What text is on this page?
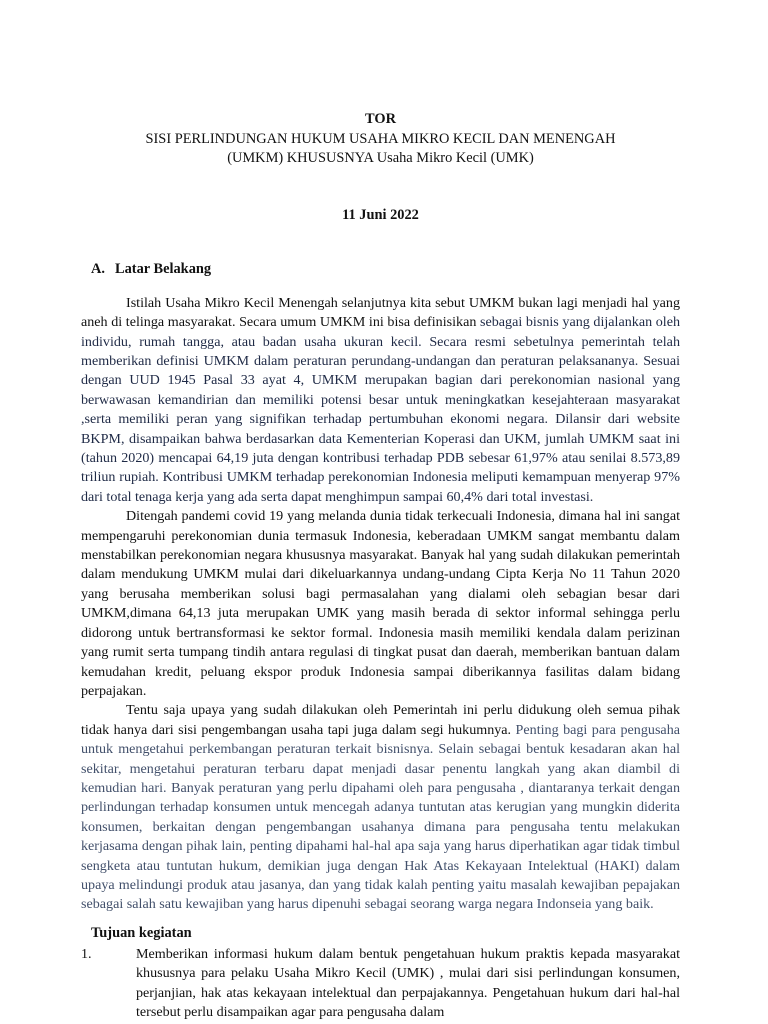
TOR
SISI PERLINDUNGAN HUKUM USAHA MIKRO KECIL DAN MENENGAH
(UMKM) KHUSUSNYA Usaha Mikro Kecil (UMK)
11 Juni 2022
A. Latar Belakang

Istilah Usaha Mikro Kecil Menengah selanjutnya kita sebut UMKM bukan lagi menjadi hal yang aneh di telinga masyarakat. Secara umum UMKM ini bisa definisikan sebagai bisnis yang dijalankan oleh individu, rumah tangga, atau badan usaha ukuran kecil. Secara resmi sebetulnya pemerintah telah memberikan definisi UMKM dalam peraturan perundang-undangan dan peraturan pelaksananya. Sesuai dengan UUD 1945 Pasal 33 ayat 4, UMKM merupakan bagian dari perekonomian nasional yang berwawasan kemandirian dan memiliki potensi besar untuk meningkatkan kesejahteraan masyarakat ,serta memiliki peran yang signifikan terhadap pertumbuhan ekonomi negara. Dilansir dari website BKPM, disampaikan bahwa berdasarkan data Kementerian Koperasi dan UKM, jumlah UMKM saat ini (tahun 2020) mencapai 64,19 juta dengan kontribusi terhadap PDB sebesar 61,97% atau senilai 8.573,89 triliun rupiah. Kontribusi UMKM terhadap perekonomian Indonesia meliputi kemampuan menyerap 97% dari total tenaga kerja yang ada serta dapat menghimpun sampai 60,4% dari total investasi.

Ditengah pandemi covid 19 yang melanda dunia tidak terkecuali Indonesia, dimana hal ini sangat mempengaruhi perekonomian dunia termasuk Indonesia, keberadaan UMKM sangat membantu dalam menstabilkan perekonomian negara khususnya masyarakat. Banyak hal yang sudah dilakukan pemerintah dalam mendukung UMKM mulai dari dikeluarkannya undang-undang Cipta Kerja No 11 Tahun 2020 yang berusaha memberikan solusi bagi permasalahan yang dialami oleh sebagian besar dari UMKM,dimana 64,13 juta merupakan UMK yang masih berada di sektor informal sehingga perlu didorong untuk bertransformasi ke sektor formal. Indonesia masih memiliki kendala dalam perizinan yang rumit serta tumpang tindih antara regulasi di tingkat pusat dan daerah, memberikan bantuan dalam kemudahan kredit, peluang ekspor produk Indonesia sampai diberikannya fasilitas dalam bidang perpajakan.

Tentu saja upaya yang sudah dilakukan oleh Pemerintah ini perlu didukung oleh semua pihak tidak hanya dari sisi pengembangan usaha tapi juga dalam segi hukumnya. Penting bagi para pengusaha untuk mengetahui perkembangan peraturan terkait bisnisnya. Selain sebagai bentuk kesadaran akan hal sekitar, mengetahui peraturan terbaru dapat menjadi dasar penentu langkah yang akan diambil di kemudian hari. Banyak peraturan yang perlu dipahami oleh para pengusaha , diantaranya terkait dengan perlindungan terhadap konsumen untuk mencegah adanya tuntutan atas kerugian yang mungkin diderita konsumen, berkaitan dengan pengembangan usahanya dimana para pengusaha tentu melakukan kerjasama dengan pihak lain, penting dipahami hal-hal apa saja yang harus diperhatikan agar tidak timbul sengketa atau tuntutan hukum, demikian juga dengan Hak Atas Kekayaan Intelektual (HAKI) dalam upaya melindungi produk atau jasanya, dan yang tidak kalah penting yaitu masalah kewajiban pepajakan sebagai salah satu kewajiban yang harus dipenuhi sebagai seorang warga negara Indonseia yang baik.

Tujuan kegiatan
1.	Memberikan informasi hukum dalam bentuk pengetahuan hukum praktis kepada masyarakat khususnya para pelaku Usaha Mikro Kecil (UMK) , mulai dari sisi perlindungan konsumen, perjanjian, hak atas kekayaan intelektual dan perpajakannya. Pengetahuan hukum dari hal-hal tersebut perlu disampaikan agar para pengusaha dalam
